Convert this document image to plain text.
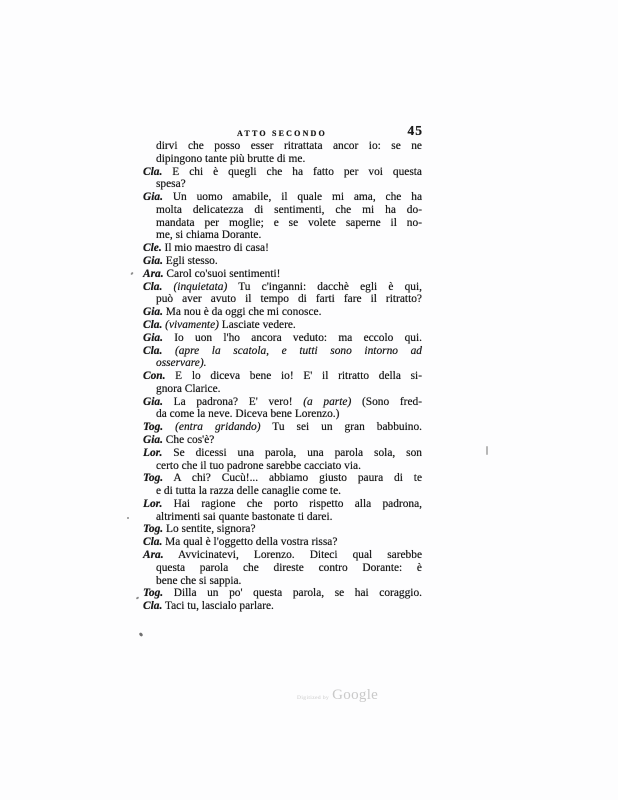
ATTO SECONDO	45
dirvi che posso esser ritrattata ancor io: se ne
dipingono tante più brutte di me.
Cla. E chi è quegli che ha fatto per voi questa
spesa?
Gia. Un uomo amabile, il quale mi ama, che ha
molta delicatezza di sentimenti, che mi ha do-
mandata per moglie; e se volete saperne il no-
me, si chiama Dorante.
Cle. Il mio maestro di casa!
Gia. Egli stesso.
Ara. Carol co'suoi sentimenti!
Cla. (inquietata) Tu c'inganni: dacchè egli è qui,
può aver avuto il tempo di farti fare il ritratto?
Gia. Ma nou è da oggi che mi conosce.
Cla. (vivamente) Lasciate vedere.
Gia. Io uon l'ho ancora veduto: ma eccolo qui.
Cla. (apre la scatola, e tutti sono intorno ad
osservare).
Con. E lo diceva bene io! E' il ritratto della si-
gnora Clarice.
Gia. La padrona? E' vero! (a parte) (Sono fred-
da come la neve. Diceva bene Lorenzo.)
Tog. (entra gridando) Tu sei un gran babbuino.
Gia. Che cos'è?
Lor. Se dicessi una parola, una parola sola, son
certo che il tuo padrone sarebbe cacciato via.
Tog. A chi? Cucù!... abbiamo giusto paura di te
e di tutta la razza delle canaglie come te.
Lor. Hai ragione che porto rispetto alla padrona,
altrimenti sai quante bastonate ti darei.
Tog. Lo sentite, signora?
Cla. Ma qual è l'oggetto della vostra rissa?
Ara. Avvicinatevi, Lorenzo. Diteci qual sarebbe
questa parola che direste contro Dorante: è
bene che si sappia.
Tog. Dilla un po' questa parola, se hai coraggio.
Cla. Taci tu, lascialo parlare.
Digitized by Google
